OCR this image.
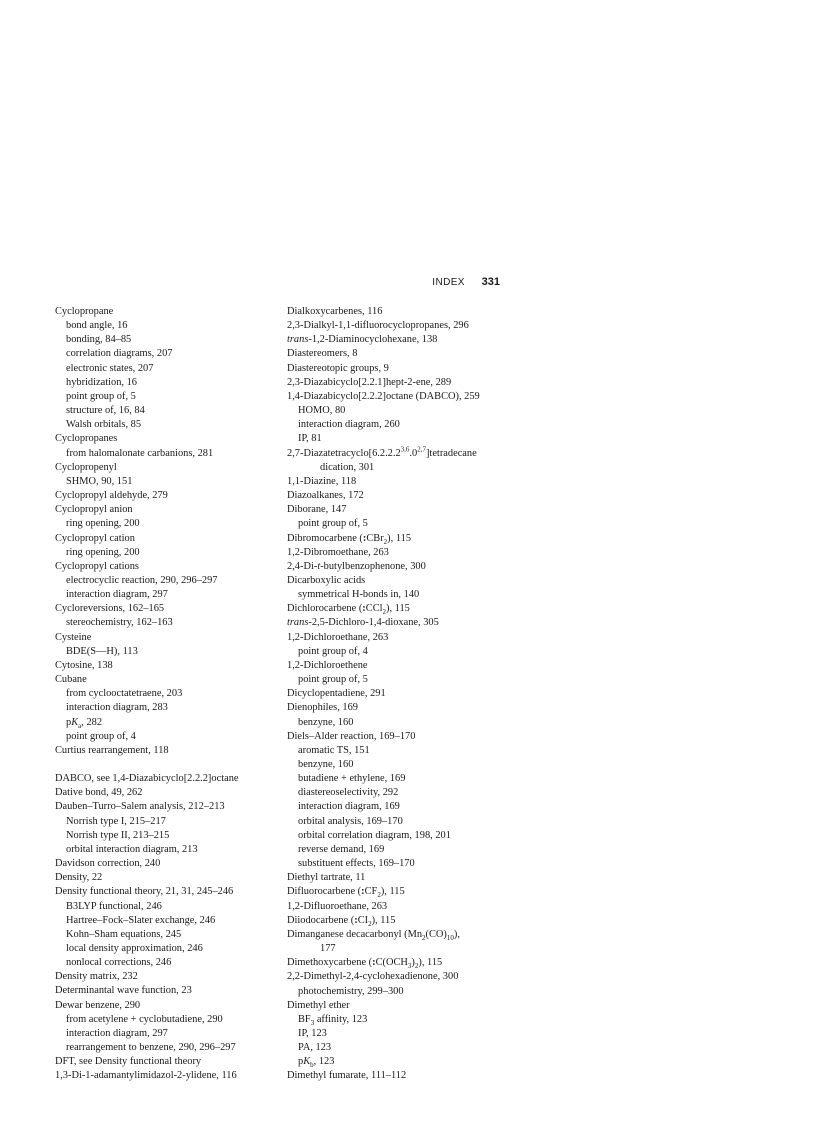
INDEX 331
Cyclopropane
bond angle, 16
bonding, 84–85
correlation diagrams, 207
electronic states, 207
hybridization, 16
point group of, 5
structure of, 16, 84
Walsh orbitals, 85
Cyclopropanes
from halomalonate carbanions, 281
Cyclopropenyl
SHMO, 90, 151
Cyclopropyl aldehyde, 279
Cyclopropyl anion
ring opening, 200
Cyclopropyl cation
ring opening, 200
Cyclopropyl cations
electrocyclic reaction, 290, 296–297
interaction diagram, 297
Cycloreversions, 162–165
stereochemistry, 162–163
Cysteine
BDE(S—H), 113
Cytosine, 138
Cubane
from cyclooctatetraene, 203
interaction diagram, 283
$pK_a$, 282
point group of, 4
Curtius rearrangement, 118
DABCO, see 1,4-Diazabicyclo[2.2.2]octane
Dative bond, 49, 262
Dauben–Turro–Salem analysis, 212–213
Norrish type I, 215–217
Norrish type II, 213–215
orbital interaction diagram, 213
Davidson correction, 240
Density, 22
Density functional theory, 21, 31, 245–246
B3LYP functional, 246
Hartree–Fock–Slater exchange, 246
Kohn–Sham equations, 245
local density approximation, 246
nonlocal corrections, 246
Density matrix, 232
Determinantal wave function, 23
Dewar benzene, 290
from acetylene + cyclobutadiene, 290
interaction diagram, 297
rearrangement to benzene, 290, 296–297
DFT, see Density functional theory
1,3-Di-1-adamantylimidazol-2-ylidene, 116
Dialkoxycarbenes, 116
2,3-Dialkyl-1,1-difluorocyclopropanes, 296
trans-1,2-Diaminocyclohexane, 138
Diastereomers, 8
Diastereotopic groups, 9
2,3-Diazabicyclo[2.2.1]hept-2-ene, 289
1,4-Diazabicyclo[2.2.2]octane (DABCO), 259
HOMO, 80
interaction diagram, 260
IP, 81
2,7-Diazatetracyclo[6.2.2.2$^{3,6}$.0$^{2,7}$]tetradecane
dication, 301
1,1-Diazine, 118
Diazoalkanes, 172
Diborane, 147
point group of, 5
Dibromocarbene (:CBr$_2$), 115
1,2-Dibromoethane, 263
2,4-Di-t-butylbenzophenone, 300
Dicarboxylic acids
symmetrical H-bonds in, 140
Dichlorocarbene (:CCl$_2$), 115
trans-2,5-Dichloro-1,4-dioxane, 305
1,2-Dichloroethane, 263
point group of, 4
1,2-Dichloroethene
point group of, 5
Dicyclopentadiene, 291
Dienophiles, 169
benzyne, 160
Diels–Alder reaction, 169–170
aromatic TS, 151
benzyne, 160
butadiene + ethylene, 169
diastereoselectivity, 292
interaction diagram, 169
orbital analysis, 169–170
orbital correlation diagram, 198, 201
reverse demand, 169
substituent effects, 169–170
Diethyl tartrate, 11
Difluorocarbene $(:CF_2)$, 115
1,2-Difluoroethane, 263
Diiodocarbene $(:CI_2)$, 115
Dimanganese decacarbonyl $(Mn_2(CO)_{10})$,
177
Dimethoxycarbene $(:C(OCH_3)_2)$, 115
2,2-Dimethyl-2,4-cyclohexadienone, 300
photochemistry, 299–300
Dimethyl ether
$BF_3$ affinity, 123
IP, 123
PA, 123
$pK_b$, 123
Dimethyl fumarate, 111–112
